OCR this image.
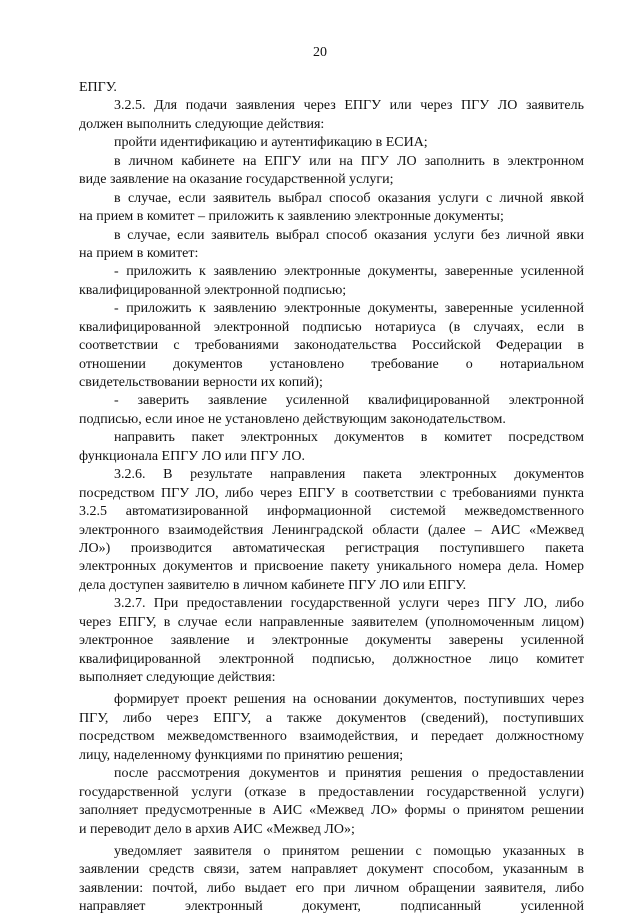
20
ЕПГУ.
3.2.5. Для подачи заявления через ЕПГУ или через ПГУ ЛО заявитель
должен выполнить следующие действия:
пройти идентификацию и аутентификацию в ЕСИА;
в личном кабинете на ЕПГУ или на ПГУ ЛО заполнить в электронном
виде заявление на оказание государственной услуги;
в случае, если заявитель выбрал способ оказания услуги с личной явкой
на прием в комитет – приложить к заявлению электронные документы;
в случае, если заявитель выбрал способ оказания услуги без личной явки
на прием в комитет:
- приложить к заявлению электронные документы, заверенные усиленной
квалифицированной электронной подписью;
- приложить к заявлению электронные документы, заверенные усиленной
квалифицированной электронной подписью нотариуса (в случаях, если в
соответствии с требованиями законодательства Российской Федерации в
отношении документов установлено требование о нотариальном
свидетельствовании верности их копий);
- заверить заявление усиленной квалифицированной электронной
подписью, если иное не установлено действующим законодательством.
направить пакет электронных документов в комитет посредством
функционала ЕПГУ ЛО или ПГУ ЛО.
3.2.6. В результате направления пакета электронных документов
посредством ПГУ ЛО, либо через ЕПГУ в соответствии с требованиями пункта
3.2.5 автоматизированной информационной системой межведомственного
электронного взаимодействия Ленинградской области (далее – АИС «Межвед
ЛО») производится автоматическая регистрация поступившего пакета
электронных документов и присвоение пакету уникального номера дела. Номер
дела доступен заявителю в личном кабинете ПГУ ЛО или ЕПГУ.
3.2.7. При предоставлении государственной услуги через ПГУ ЛО, либо
через ЕПГУ, в случае если направленные заявителем (уполномоченным лицом)
электронное заявление и электронные документы заверены усиленной
квалифицированной электронной подписью, должностное лицо комитет
выполняет следующие действия:
формирует проект решения на основании документов, поступивших через
ПГУ, либо через ЕПГУ, а также документов (сведений), поступивших
посредством межведомственного взаимодействия, и передает должностному
лицу, наделенному функциями по принятию решения;
после рассмотрения документов и принятия решения о предоставлении
государственной услуги (отказе в предоставлении государственной услуги)
заполняет предусмотренные в АИС «Межвед ЛО» формы о принятом решении
и переводит дело в архив АИС «Межвед ЛО»;
уведомляет заявителя о принятом решении с помощью указанных в
заявлении средств связи, затем направляет документ способом, указанным в
заявлении: почтой, либо выдает его при личном обращении заявителя, либо
направляет электронный документ, подписанный усиленной
